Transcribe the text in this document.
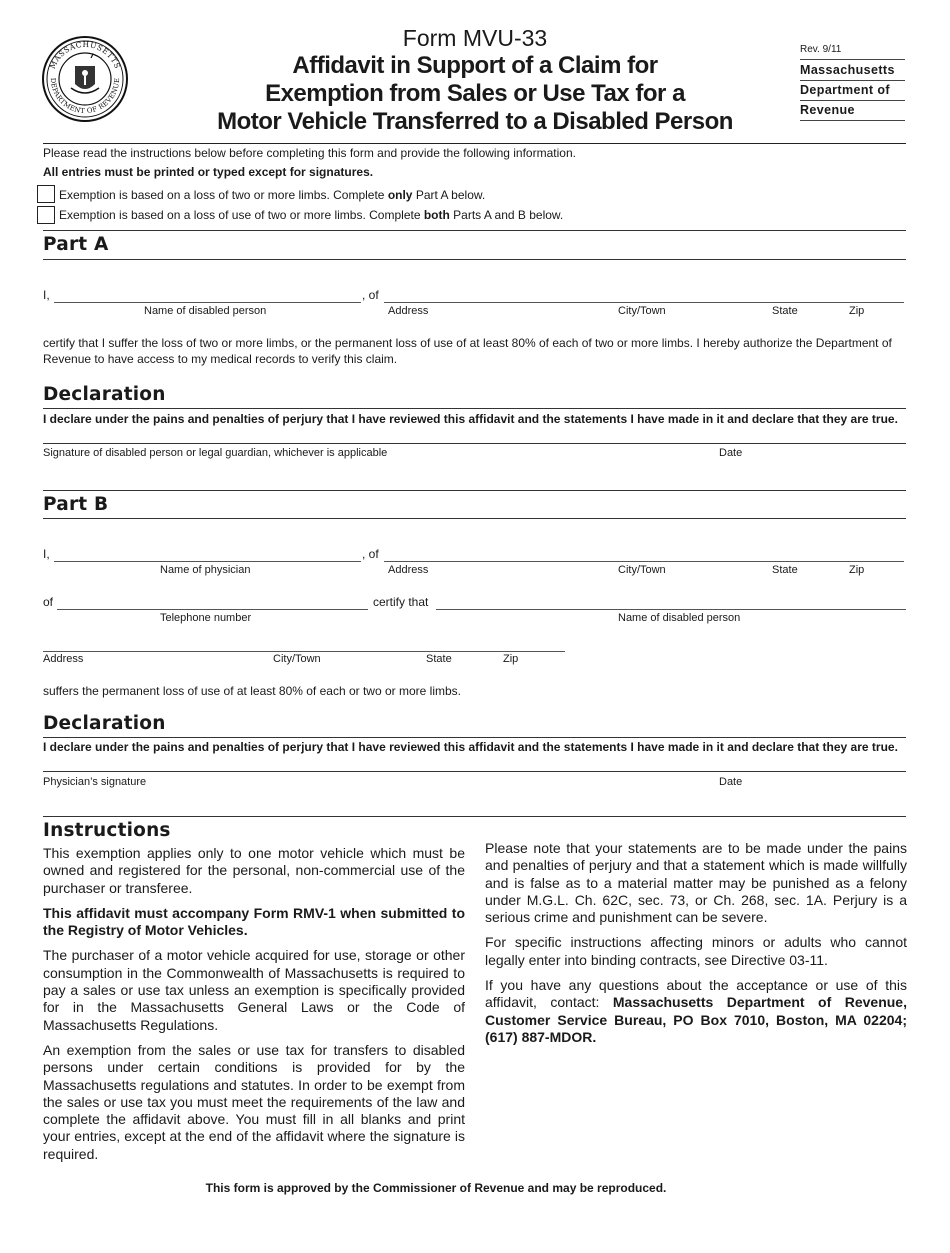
MASSACHUSETTS
DEPARTMENT OF REVENUE
Form MVU-33
Affidavit in Support of a Claim for
Exemption from Sales or Use Tax for a
Motor Vehicle Transferred to a Disabled Person
Rev. 9/11
Massachusetts
Department of
Revenue
Please read the instructions below before completing this form and provide the following information.
All entries must be printed or typed except for signatures.
Exemption is based on a loss of two or more limbs. Complete only Part A below.
Exemption is based on a loss of use of two or more limbs. Complete both Parts A and B below.
Part A
I,	, of
Name of disabled person	Address	City/Town	State	Zip
certify that I suffer the loss of two or more limbs, or the permanent loss of use of at least 80% of each of two or more limbs. I hereby authorize the Department of Revenue to have access to my medical records to verify this claim.
Declaration
I declare under the pains and penalties of perjury that I have reviewed this affidavit and the statements I have made in it and declare that they are true.
Signature of disabled person or legal guardian, whichever is applicable	Date
Part B
I,	, of
Name of physician	Address	City/Town	State	Zip
of	certify that
Telephone number	Name of disabled person
Address	City/Town	State	Zip
suffers the permanent loss of use of at least 80% of each or two or more limbs.
Declaration
I declare under the pains and penalties of perjury that I have reviewed this affidavit and the statements I have made in it and declare that they are true.
Physician’s signature	Date
Instructions

This exemption applies only to one motor vehicle which must be owned and registered for the personal, non-commercial use of the purchaser or transferee.

This affidavit must accompany Form RMV-1 when submitted to the Registry of Motor Vehicles.

The purchaser of a motor vehicle acquired for use, storage or other consumption in the Commonwealth of Massachusetts is required to pay a sales or use tax unless an exemption is specifically provided for in the Massachusetts General Laws or the Code of Massachusetts Regulations.

An exemption from the sales or use tax for transfers to disabled persons under certain conditions is provided for by the Massachusetts regulations and statutes. In order to be exempt from the sales or use tax you must meet the requirements of the law and complete the affidavit above. You must fill in all blanks and print your entries, except at the end of the affidavit where the signature is required.

Please note that your statements are to be made under the pains and penalties of perjury and that a statement which is made willfully and is false as to a material matter may be punished as a felony under M.G.L. Ch. 62C, sec. 73, or Ch. 268, sec. 1A. Perjury is a serious crime and punishment can be severe.

For specific instructions affecting minors or adults who cannot legally enter into binding contracts, see Directive 03-11.

If you have any questions about the acceptance or use of this affidavit, contact: Massachusetts Department of Revenue, Customer Service Bureau, PO Box 7010, Boston, MA 02204; (617) 887-MDOR.

This form is approved by the Commissioner of Revenue and may be reproduced.
